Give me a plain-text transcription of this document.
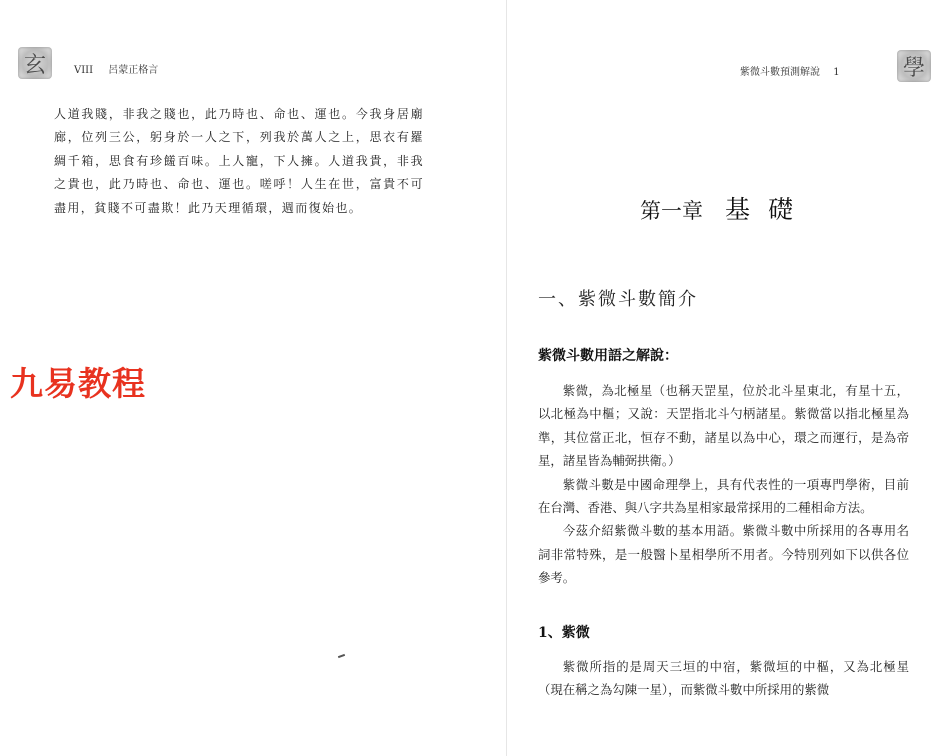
玄	VIII 呂蒙正格言
人道我賤，非我之賤也，此乃時也、命也、運也。今我身居廟廊，位列三公，躬身於一人之下，列我於萬人之上，思衣有羅綢千箱，思食有珍饈百味。上人寵，下人擁。人道我貴，非我之貴也，此乃時也、命也、運也。嗟呼！人生在世，富貴不可盡用，貧賤不可盡欺！此乃天理循環，週而復始也。
九易教程
紫微斗數預測解說 1	學
第一章 基礎
一、紫微斗數簡介
紫微斗數用語之解說：

紫微，為北極星（也稱天罡星，位於北斗星東北，有星十五，以北極為中樞；又說：天罡指北斗勺柄諸星。紫微當以指北極星為準，其位當正北，恒存不動，諸星以為中心，環之而運行，是為帝星，諸星皆為輔弼拱衛。）

紫微斗數是中國命理學上，具有代表性的一項專門學術，目前在台灣、香港、與八字共為星相家最常採用的二種相命方法。

今茲介紹紫微斗數的基本用語。紫微斗數中所採用的各專用名詞非常特殊，是一般醫卜星相學所不用者。今特別列如下以供各位參考。

1、紫微

紫微所指的是周天三垣的中宿，紫微垣的中樞，又為北極星（現在稱之為勾陳一星），而紫微斗數中所採用的紫微
